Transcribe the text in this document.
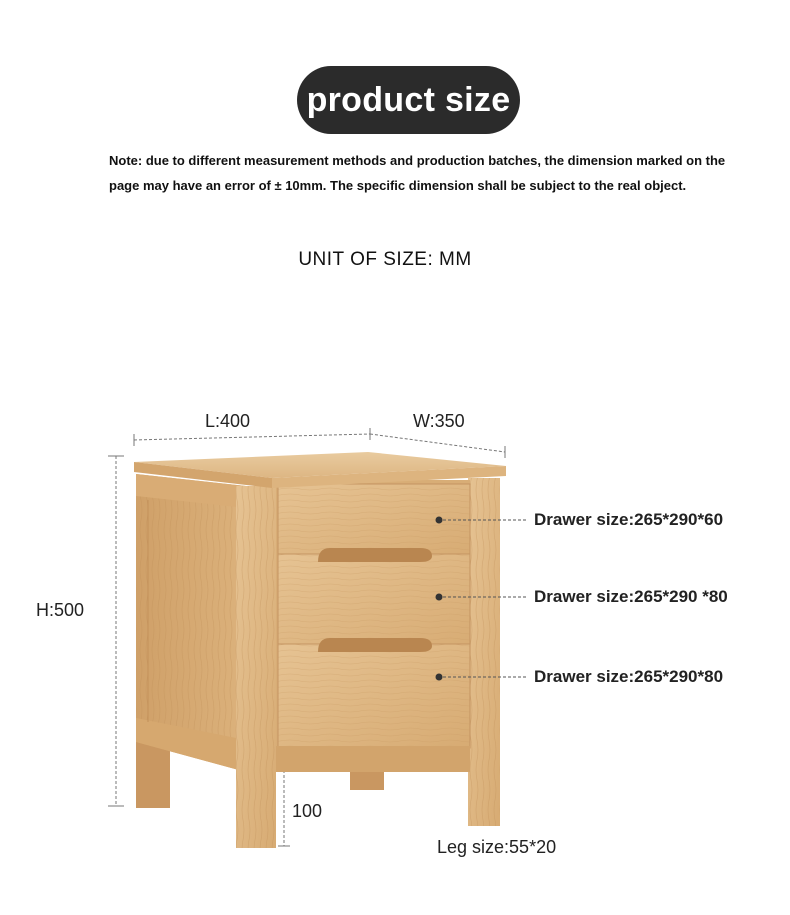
product size
Note: due to different measurement methods and production batches, the dimension marked on the page may have an error of ± 10mm. The specific dimension shall be subject to the real object.
UNIT OF SIZE: MM
L:400	W:350
H:500
100
Leg size:55*20
Drawer size:265*290*60
Drawer size:265*290 *80
Drawer size:265*290*80
